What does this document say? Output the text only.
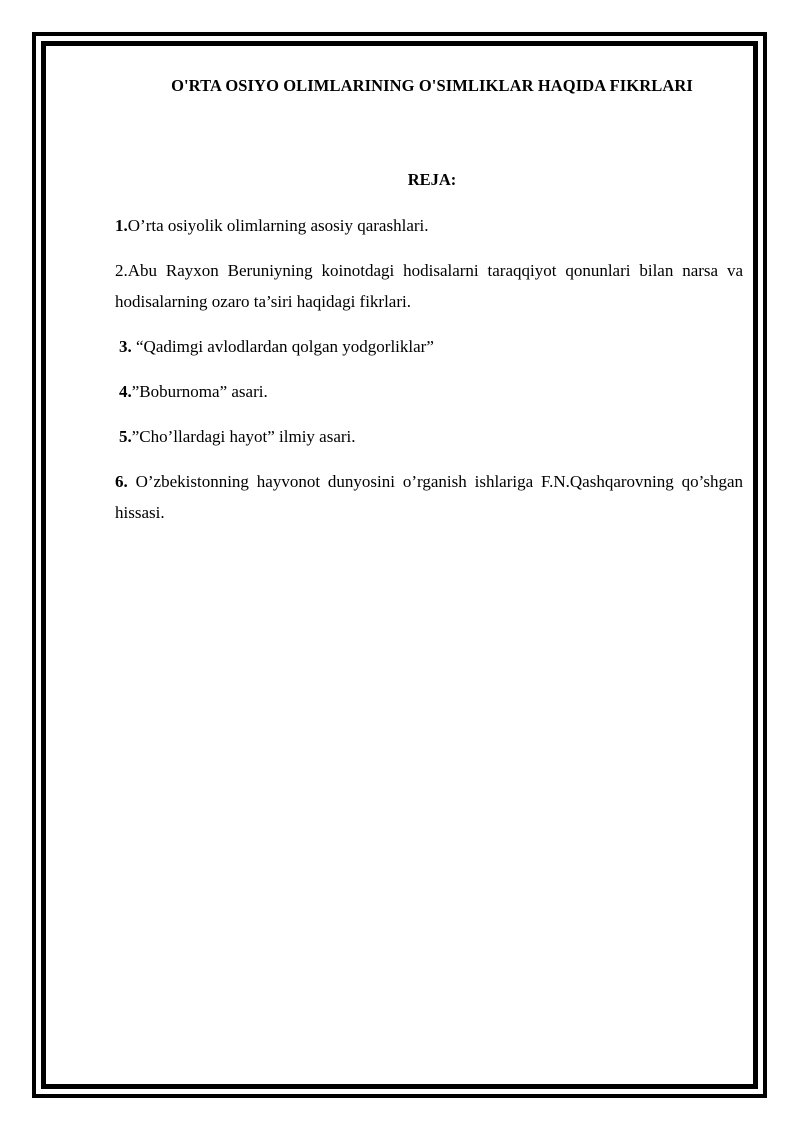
O'RTA OSIYO OLIMLARINING O'SIMLIKLAR HAQIDA FIKRLARI
REJA:
1.O’rta osiyolik olimlarning asosiy qarashlari.
2.Abu Rayxon Beruniyning koinotdagi hodisalarni taraqqiyot qonunlari bilan narsa va hodisalarning ozaro ta’siri haqidagi fikrlari.
3. “Qadimgi avlodlardan qolgan yodgorliklar”
4.”Boburnoma” asari.
5.”Cho’llardagi hayot” ilmiy asari.
6. O’zbekistonning hayvonot dunyosini o’rganish ishlariga F.N.Qashqarovning qo’shgan hissasi.
